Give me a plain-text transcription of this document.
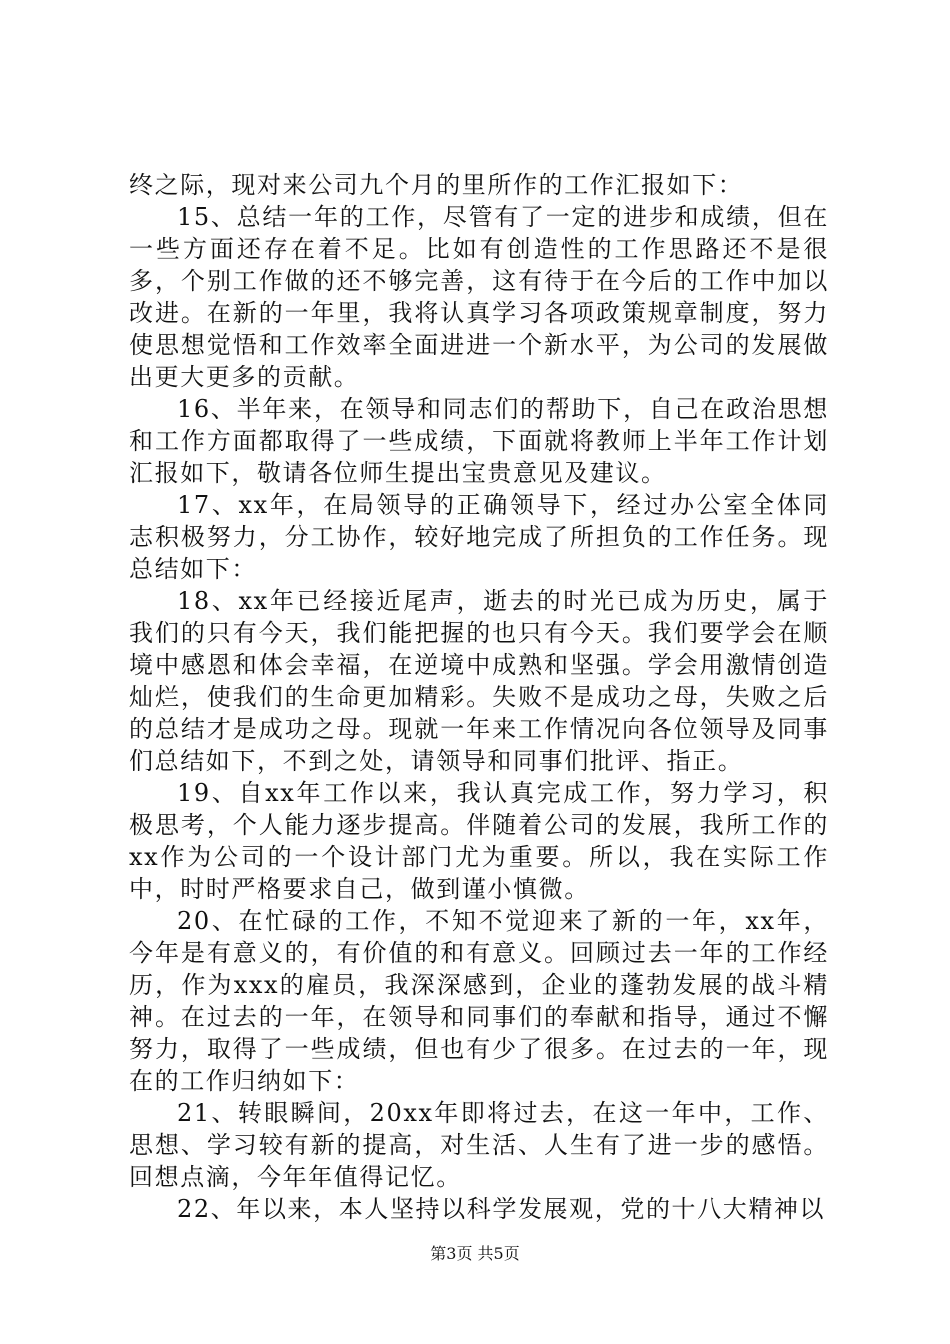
终之际，现对来公司九个月的里所作的工作汇报如下：

15、总结一年的工作，尽管有了一定的进步和成绩，但在一些方面还存在着不足。比如有创造性的工作思路还不是很多，个别工作做的还不够完善，这有待于在今后的工作中加以改进。在新的一年里，我将认真学习各项政策规章制度，努力使思想觉悟和工作效率全面进进一个新水平，为公司的发展做出更大更多的贡献。

16、半年来，在领导和同志们的帮助下，自己在政治思想和工作方面都取得了一些成绩，下面就将教师上半年工作计划汇报如下，敬请各位师生提出宝贵意见及建议。

17、xx年，在局领导的正确领导下，经过办公室全体同志积极努力，分工协作，较好地完成了所担负的工作任务。现总结如下：

18、xx年已经接近尾声，逝去的时光已成为历史，属于我们的只有今天，我们能把握的也只有今天。我们要学会在顺境中感恩和体会幸福，在逆境中成熟和坚强。学会用激情创造灿烂，使我们的生命更加精彩。失败不是成功之母，失败之后的总结才是成功之母。现就一年来工作情况向各位领导及同事们总结如下，不到之处，请领导和同事们批评、指正。

19、自xx年工作以来，我认真完成工作，努力学习，积极思考，个人能力逐步提高。伴随着公司的发展，我所工作的xx作为公司的一个设计部门尤为重要。所以，我在实际工作中，时时严格要求自己，做到谨小慎微。

20、在忙碌的工作，不知不觉迎来了新的一年，xx年，今年是有意义的，有价值的和有意义。回顾过去一年的工作经历，作为xxx的雇员，我深深感到，企业的蓬勃发展的战斗精神。在过去的一年，在领导和同事们的奉献和指导，通过不懈努力，取得了一些成绩，但也有少了很多。在过去的一年，现在的工作归纳如下：

21、转眼瞬间，20xx年即将过去，在这一年中，工作、思想、学习较有新的提高，对生活、人生有了进一步的感悟。回想点滴，今年年值得记忆。

22、年以来，本人坚持以科学发展观，党的十八大精神以

第3页 共5页
